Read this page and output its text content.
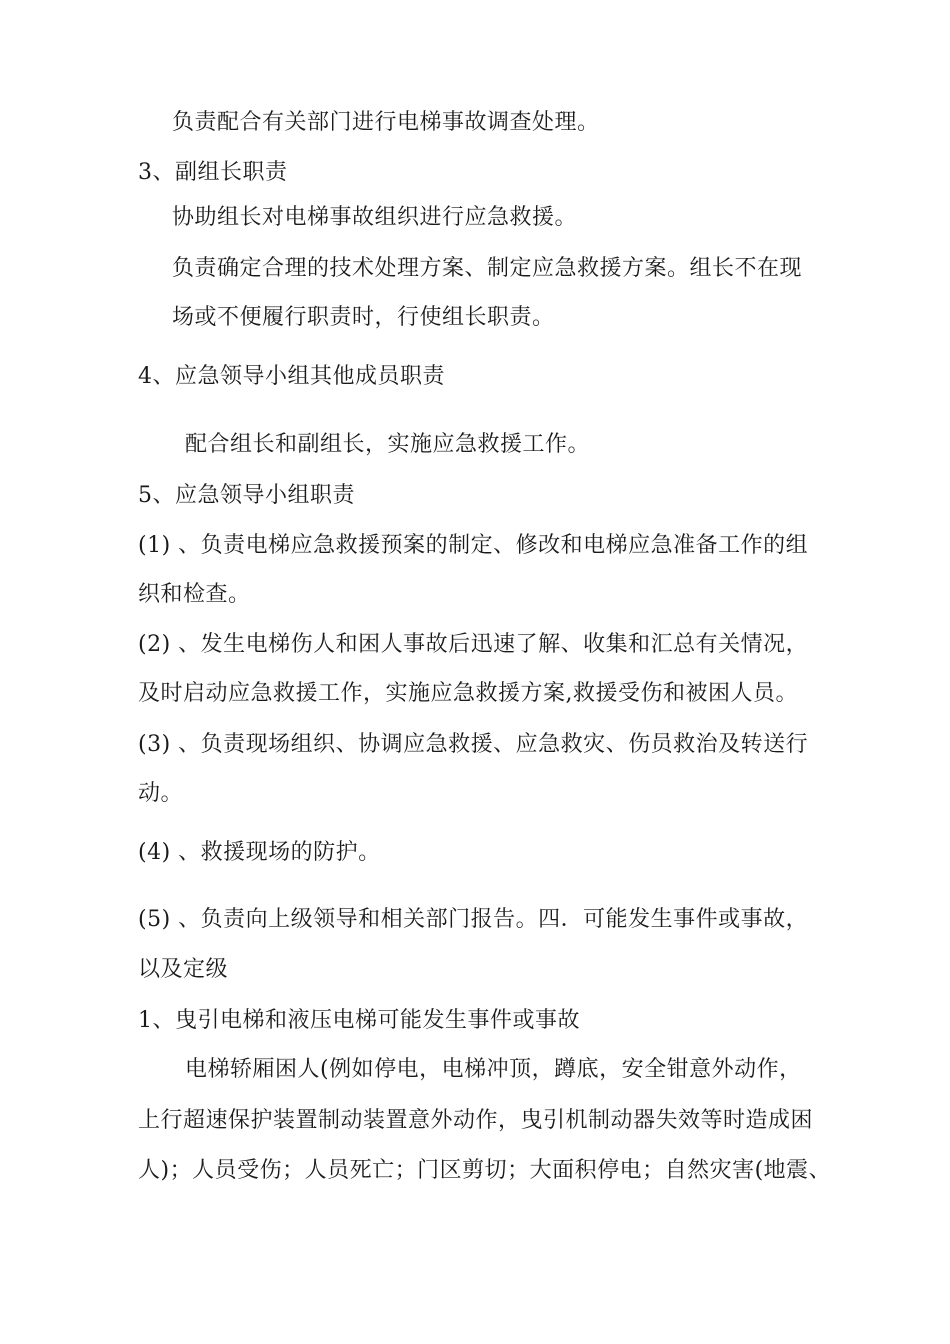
负责配合有关部门进行电梯事故调查处理。
3、副组长职责
协助组长对电梯事故组织进行应急救援。
负责确定合理的技术处理方案、制定应急救援方案。组长不在现
场或不便履行职责时，行使组长职责。
4、应急领导小组其他成员职责
配合组长和副组长，实施应急救援工作。
5、应急领导小组职责
(1) 、负责电梯应急救援预案的制定、修改和电梯应急准备工作的组
织和检查。
(2) 、发生电梯伤人和困人事故后迅速了解、收集和汇总有关情况，
及时启动应急救援工作，实施应急救援方案,救援受伤和被困人员。
(3) 、负责现场组织、协调应急救援、应急救灾、伤员救治及转送行
动。
(4) 、救援现场的防护。
(5) 、负责向上级领导和相关部门报告。四．可能发生事件或事故，
以及定级
1、曳引电梯和液压电梯可能发生事件或事故
电梯轿厢困人(例如停电，电梯冲顶，蹲底，安全钳意外动作，
上行超速保护装置制动装置意外动作，曳引机制动器失效等时造成困
人)；人员受伤；人员死亡；门区剪切；大面积停电；自然灾害(地震、
